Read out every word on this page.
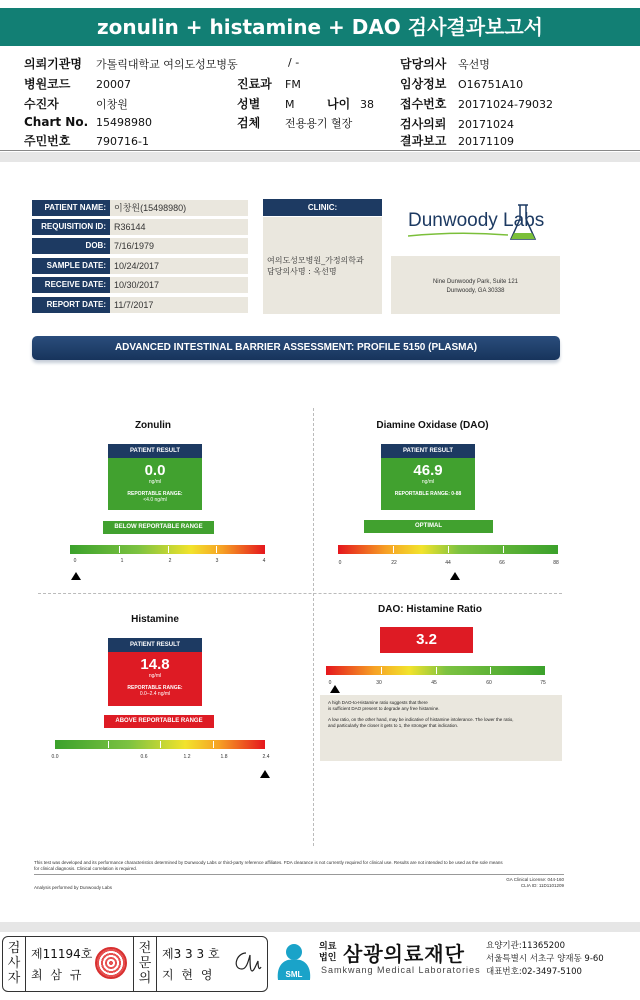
zonulin + histamine + DAO 검사결과보고서
의뢰기관명 가톨릭대학교 여의도성모병동
병원코드 20007
수진자	이창원
Chart No. 15498980
주민번호 790716-1
/ -
진료과 FM
성별 M	나이 38
검체 전용용기 혈장
담당의사 옥선명
임상정보 O16751A10
접수번호 20171024-79032
검사의뢰 20171024
결과보고 20171109
PATIENT NAME: 이창원(15498980)
REQUISITION ID: R36144
DOB: 7/16/1979
SAMPLE DATE: 10/24/2017
RECEIVE DATE: 10/30/2017
REPORT DATE: 11/7/2017
CLINIC:
여의도성모병원_가정의학과
담당의사명 : 옥선명
Dunwoody Labs
Nine Dunwoody Park, Suite 121
Dunwoody, GA 30338
ADVANCED INTESTINAL BARRIER ASSESSMENT: PROFILE 5150 (PLASMA)
Zonulin
PATIENT RESULT
0.0
ng/ml
REPORTABLE RANGE:
<4.0 ng/ml
BELOW REPORTABLE RANGE
0	1	2	3	4
Diamine Oxidase (DAO)
PATIENT RESULT
46.9
ng/ml
REPORTABLE RANGE: 0-88
OPTIMAL
0	22	44	66	88
Histamine
PATIENT RESULT
14.8
ng/ml
REPORTABLE RANGE:
0.0–2.4 ng/ml
ABOVE REPORTABLE RANGE
0.0	0.6	1.2	1.8	2.4
DAO: Histamine Ratio
3.2
0	30	45	60	75

A high DAO-to-Histamine ratio suggests that there
is sufficient DAO present to degrade any free histamine.

A low ratio, on the other hand, may be indicative of histamine intolerance. The lower the ratio,
and particularly the closer it gets to 1, the stronger that indication.

This test was developed and its performance characteristics determined by Dunwoody Labs or third-party reference affiliates. FDA clearance is not currently required for clinical use. Results are not intended to be used as the sole means
for clinical diagnosis. Clinical correlation is required.
GA Clinical License: 044-160
CLIA ID: 11D1101209
Analysis performed by Dunwoody Labs
검
사
자
제11194호
최 삼 규
전
문
의
제3 3 3 호
지 현 영	SML
의료
법인 삼광의료재단
Samkwang Medical Laboratories
요양기관:11365200
서울특별시 서초구 양재동 9-60
대표번호:02-3497-5100
